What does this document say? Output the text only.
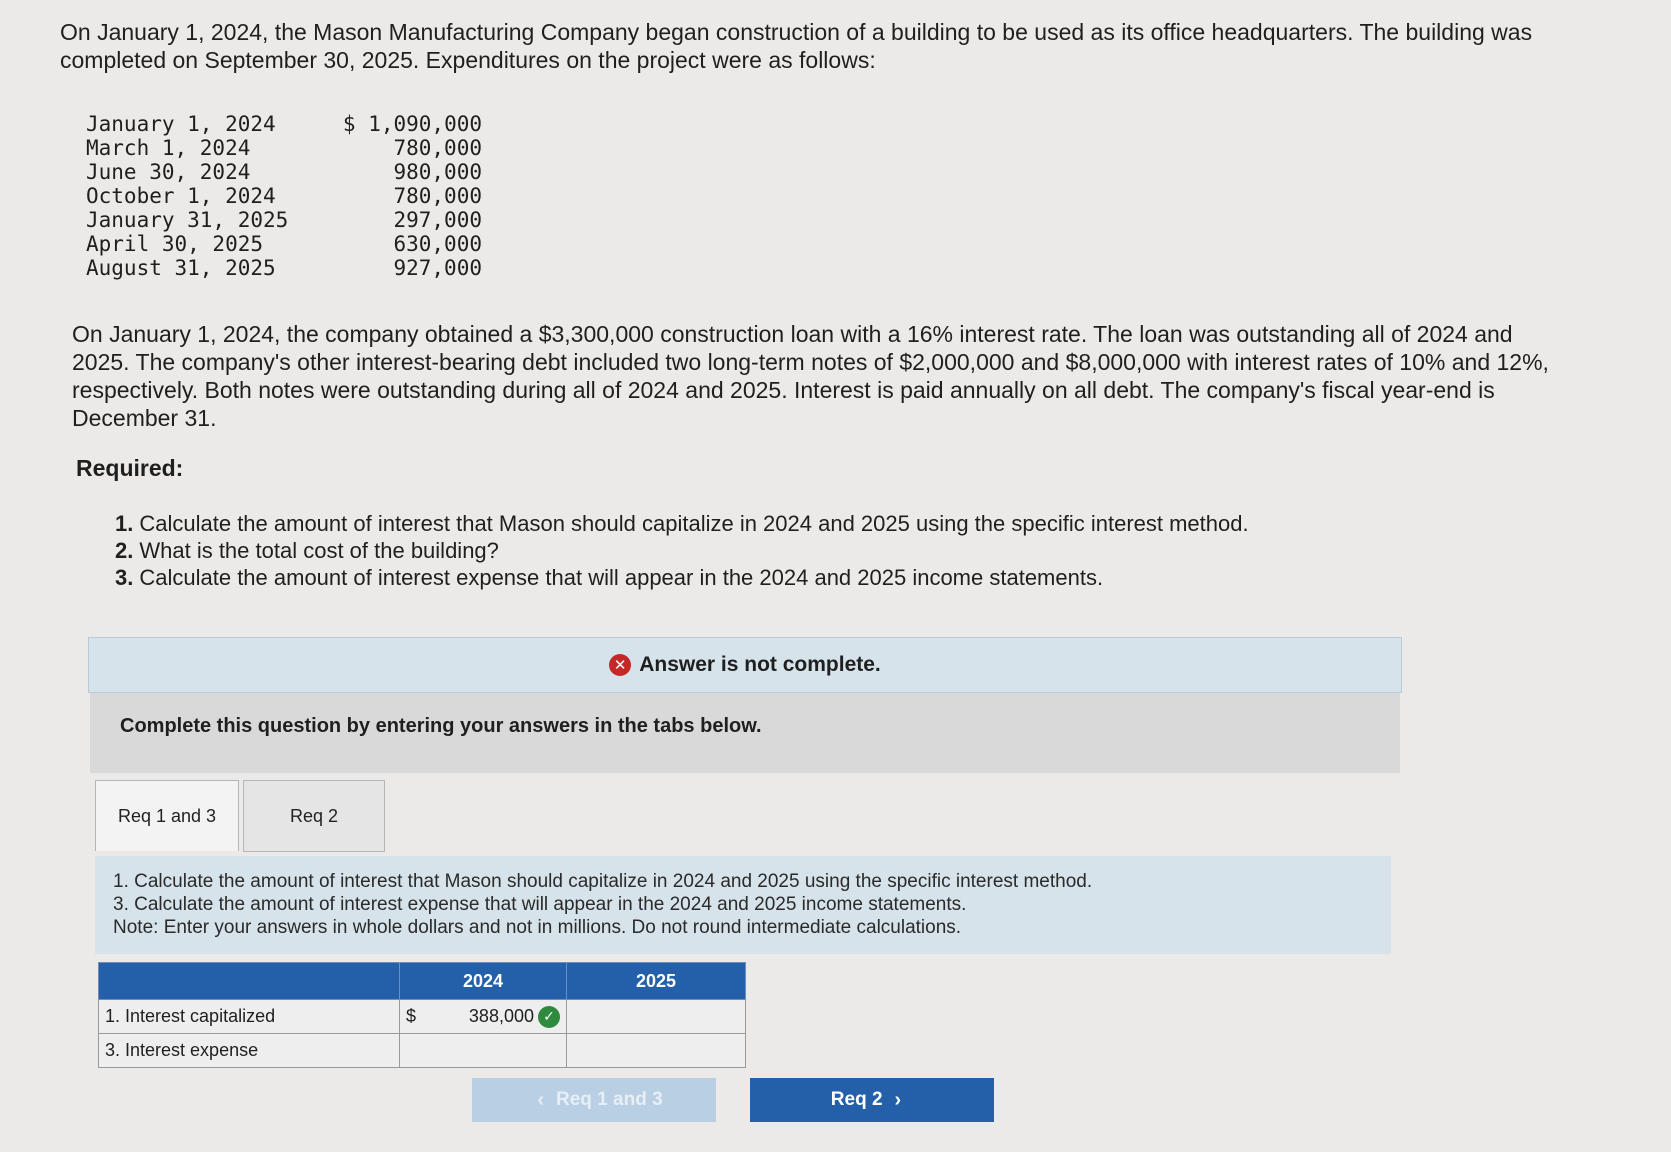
On January 1, 2024, the Mason Manufacturing Company began construction of a building to be used as its office headquarters. The building was completed on September 30, 2025. Expenditures on the project were as follows:

January 1, 2024	$ 1,090,000
March 1, 2024	780,000
June 30, 2024	980,000
October 1, 2024	780,000
January 31, 2025	297,000
April 30, 2025	630,000
August 31, 2025	927,000

On January 1, 2024, the company obtained a $3,300,000 construction loan with a 16% interest rate. The loan was outstanding all of 2024 and 2025. The company's other interest-bearing debt included two long-term notes of $2,000,000 and $8,000,000 with interest rates of 10% and 12%, respectively. Both notes were outstanding during all of 2024 and 2025. Interest is paid annually on all debt. The company's fiscal year-end is December 31.

Required:

1. Calculate the amount of interest that Mason should capitalize in 2024 and 2025 using the specific interest method.
2. What is the total cost of the building?
3. Calculate the amount of interest expense that will appear in the 2024 and 2025 income statements.
✕ Answer is not complete.
Complete this question by entering your answers in the tabs below.
Req 1 and 3	Req 2

1. Calculate the amount of interest that Mason should capitalize in 2024 and 2025 using the specific interest method.

3. Calculate the amount of interest expense that will appear in the 2024 and 2025 income statements.

Note: Enter your answers in whole dollars and not in millions. Do not round intermediate calculations.

	2024	2025
1. Interest capitalized	$ 388,000 ✓	

3. Interest expense		
‹ Req 1 and 3	Req 2 ›
